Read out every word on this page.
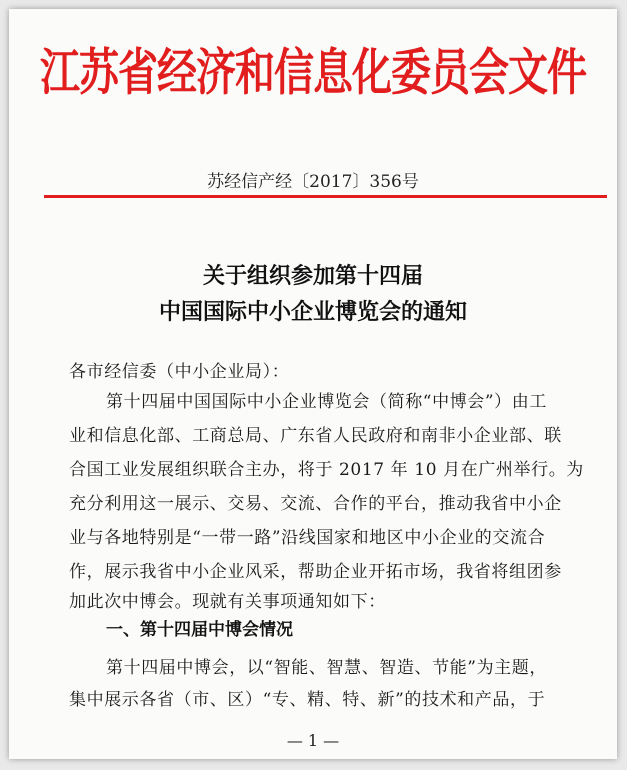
江苏省经济和信息化委员会文件
苏经信产经〔2017〕356号
关于组织参加第十四届
中国国际中小企业博览会的通知
各市经信委（中小企业局）：
第十四届中国国际中小企业博览会（简称“中博会”）由工
业和信息化部、工商总局、广东省人民政府和南非小企业部、联
合国工业发展组织联合主办，将于 2017 年 10 月在广州举行。为
充分利用这一展示、交易、交流、合作的平台，推动我省中小企
业与各地特别是“一带一路”沿线国家和地区中小企业的交流合
作，展示我省中小企业风采，帮助企业开拓市场，我省将组团参
加此次中博会。现就有关事项通知如下：
一、第十四届中博会情况
第十四届中博会，以“智能、智慧、智造、节能”为主题，
集中展示各省（市、区）“专、精、特、新”的技术和产品，于
— 1 —
